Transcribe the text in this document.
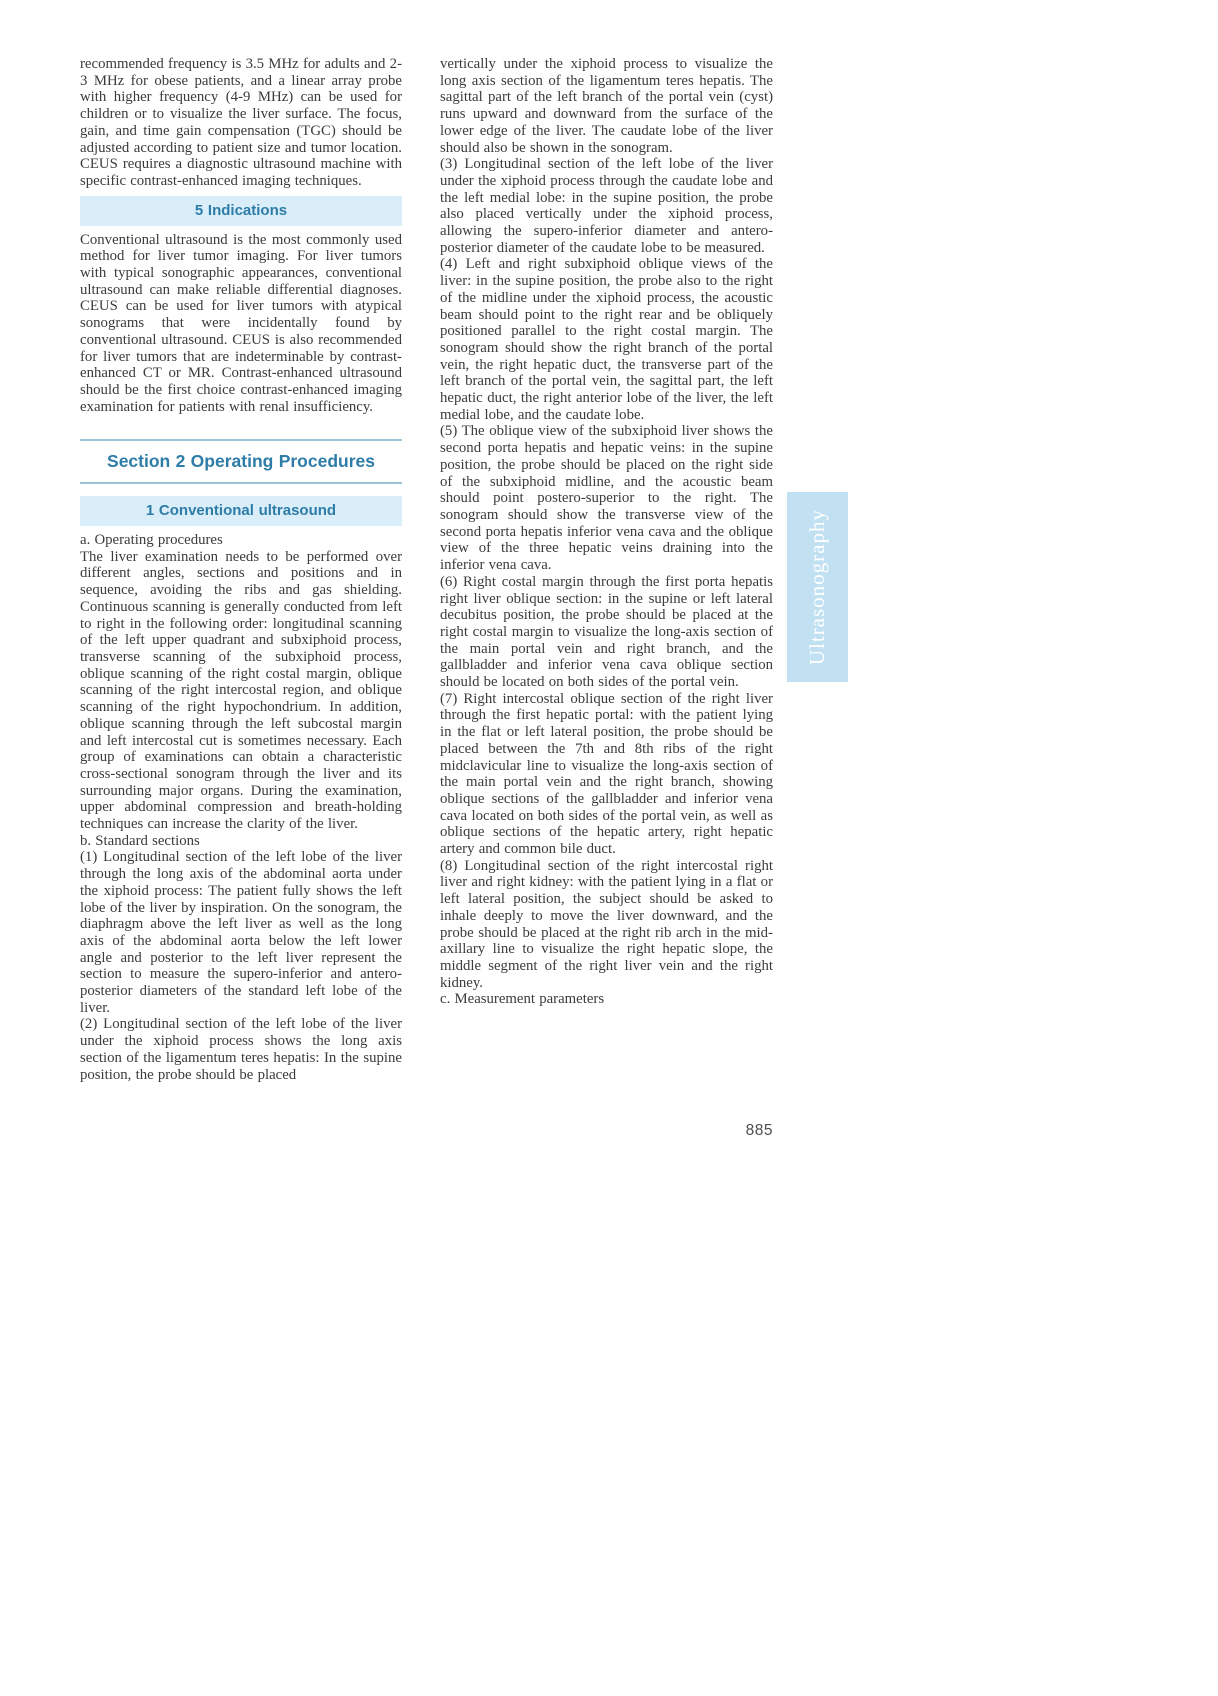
recommended frequency is 3.5 MHz for adults and 2-3 MHz for obese patients, and a linear array probe with higher frequency (4-9 MHz) can be used for children or to visualize the liver surface. The focus, gain, and time gain compensation (TGC) should be adjusted according to patient size and tumor location. CEUS requires a diagnostic ultrasound machine with specific contrast-enhanced imaging techniques.

5 Indications

Conventional ultrasound is the most commonly used method for liver tumor imaging. For liver tumors with typical sonographic appearances, conventional ultrasound can make reliable differential diagnoses. CEUS can be used for liver tumors with atypical sonograms that were incidentally found by conventional ultrasound. CEUS is also recommended for liver tumors that are indeterminable by contrast-enhanced CT or MR. Contrast-enhanced ultrasound should be the first choice contrast-enhanced imaging examination for patients with renal insufficiency.

Section 2 Operating Procedures
1 Conventional ultrasound

a. Operating procedures

The liver examination needs to be performed over different angles, sections and positions and in sequence, avoiding the ribs and gas shielding. Continuous scanning is generally conducted from left to right in the following order: longitudinal scanning of the left upper quadrant and subxiphoid process, transverse scanning of the subxiphoid process, oblique scanning of the right costal margin, oblique scanning of the right intercostal region, and oblique scanning of the right hypochondrium. In addition, oblique scanning through the left subcostal margin and left intercostal cut is sometimes necessary. Each group of examinations can obtain a characteristic cross-sectional sonogram through the liver and its surrounding major organs. During the examination, upper abdominal compression and breath-holding techniques can increase the clarity of the liver.

b. Standard sections

(1) Longitudinal section of the left lobe of the liver through the long axis of the abdominal aorta under the xiphoid process: The patient fully shows the left lobe of the liver by inspiration. On the sonogram, the diaphragm above the left liver as well as the long axis of the abdominal aorta below the left lower angle and posterior to the left liver represent the section to measure the supero-inferior and antero-posterior diameters of the standard left lobe of the liver.

(2) Longitudinal section of the left lobe of the liver under the xiphoid process shows the long axis section of the ligamentum teres hepatis: In the supine position, the probe should be placed

vertically under the xiphoid process to visualize the long axis section of the ligamentum teres hepatis. The sagittal part of the left branch of the portal vein (cyst) runs upward and downward from the surface of the lower edge of the liver. The caudate lobe of the liver should also be shown in the sonogram.

(3) Longitudinal section of the left lobe of the liver under the xiphoid process through the caudate lobe and the left medial lobe: in the supine position, the probe also placed vertically under the xiphoid process, allowing the supero-inferior diameter and antero-posterior diameter of the caudate lobe to be measured.

(4) Left and right subxiphoid oblique views of the liver: in the supine position, the probe also to the right of the midline under the xiphoid process, the acoustic beam should point to the right rear and be obliquely positioned parallel to the right costal margin. The sonogram should show the right branch of the portal vein, the right hepatic duct, the transverse part of the left branch of the portal vein, the sagittal part, the left hepatic duct, the right anterior lobe of the liver, the left medial lobe, and the caudate lobe.

(5) The oblique view of the subxiphoid liver shows the second porta hepatis and hepatic veins: in the supine position, the probe should be placed on the right side of the subxiphoid midline, and the acoustic beam should point postero-superior to the right. The sonogram should show the transverse view of the second porta hepatis inferior vena cava and the oblique view of the three hepatic veins draining into the inferior vena cava.

(6) Right costal margin through the first porta hepatis right liver oblique section: in the supine or left lateral decubitus position, the probe should be placed at the right costal margin to visualize the long-axis section of the main portal vein and right branch, and the gallbladder and inferior vena cava oblique section should be located on both sides of the portal vein.

(7) Right intercostal oblique section of the right liver through the first hepatic portal: with the patient lying in the flat or left lateral position, the probe should be placed between the 7th and 8th ribs of the right midclavicular line to visualize the long-axis section of the main portal vein and the right branch, showing oblique sections of the gallbladder and inferior vena cava located on both sides of the portal vein, as well as oblique sections of the hepatic artery, right hepatic artery and common bile duct.

(8) Longitudinal section of the right intercostal right liver and right kidney: with the patient lying in a flat or left lateral position, the subject should be asked to inhale deeply to move the liver downward, and the probe should be placed at the right rib arch in the mid-axillary line to visualize the right hepatic slope, the middle segment of the right liver vein and the right kidney.

c. Measurement parameters

Ultrasonography
885
